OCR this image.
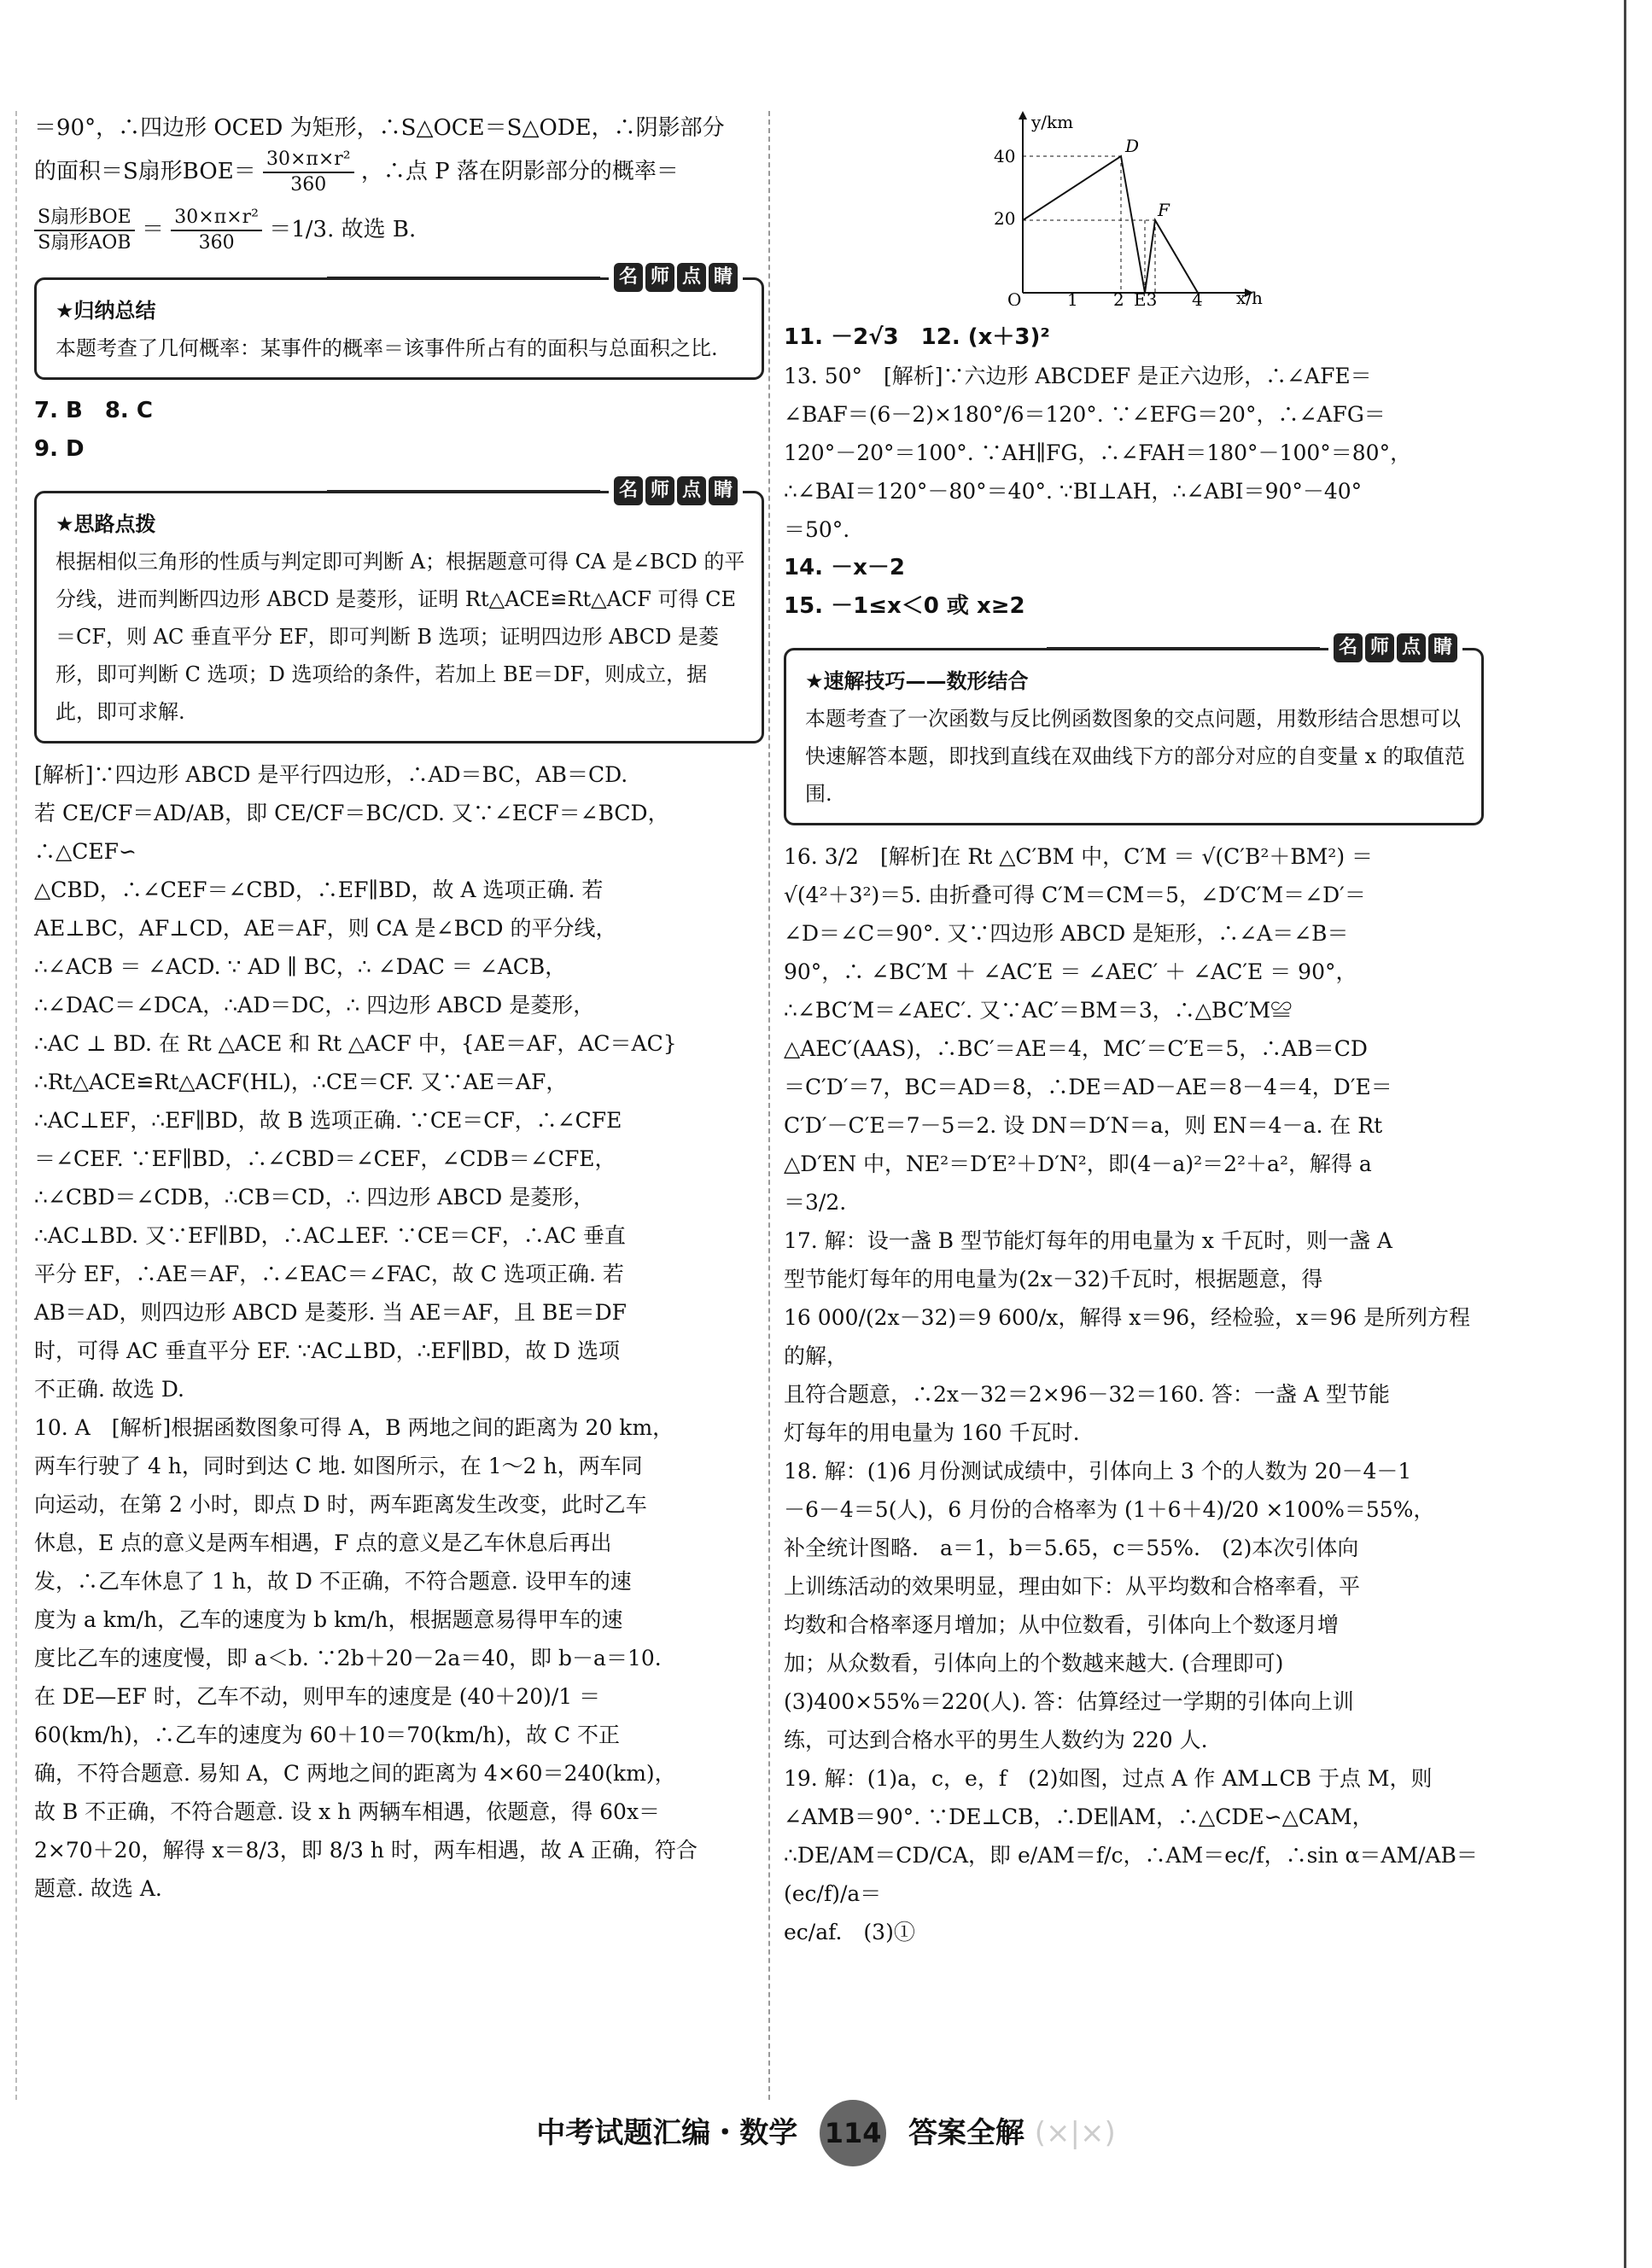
＝90°，∴四边形 OCED 为矩形，∴S△OCE＝S△ODE，∴阴影部分

的面积＝S扇形$BOE= \frac{\text{30×π×r²}}{360}$ ，∴点 P 落在阴影部分的概率＝

$\frac{\text{S扇形BOE}}{\text{S扇形AOB}} = \frac{\text{30×π×r²}}{360} =1/3$. 故选 B.

名 师 点 睛
★归纳总结
本题考查了几何概率：某事件的概率＝该事件所占有的面积与总面积之比.

7. B　8. C

9. D

名 师 点 睛
★思路点拨
根据相似三角形的性质与判定即可判断 A；根据题意可得 CA 是∠BCD 的平分线，进而判断四边形 ABCD 是菱形，证明 Rt△ACE≌Rt△ACF 可得 CE＝CF，则 AC 垂直平分 EF，即可判断 B 选项；证明四边形 ABCD 是菱形，即可判断 C 选项；D 选项给的条件，若加上 BE＝DF，则成立，据此，即可求解.

[解析]∵四边形 ABCD 是平行四边形，∴AD＝BC，AB＝CD.

若 CE/CF＝AD/AB，即 CE/CF＝BC/CD. 又∵∠ECF＝∠BCD，∴△CEF∽

△CBD，∴∠CEF＝∠CBD，∴EF∥BD，故 A 选项正确. 若

AE⊥BC，AF⊥CD，AE＝AF，则 CA 是∠BCD 的平分线，

∴∠ACB ＝ ∠ACD. ∵ AD ∥ BC，∴ ∠DAC ＝ ∠ACB，

∴∠DAC＝∠DCA，∴AD＝DC，∴ 四边形 ABCD 是菱形，

∴AC ⊥ BD. 在 Rt △ACE 和 Rt △ACF 中，{AE＝AF，AC＝AC}

∴Rt△ACE≌Rt△ACF(HL)，∴CE＝CF. 又∵AE＝AF，

∴AC⊥EF，∴EF∥BD，故 B 选项正确. ∵CE＝CF，∴∠CFE

＝∠CEF. ∵EF∥BD，∴∠CBD＝∠CEF，∠CDB＝∠CFE，

∴∠CBD＝∠CDB，∴CB＝CD，∴ 四边形 ABCD 是菱形，

∴AC⊥BD. 又∵EF∥BD，∴AC⊥EF. ∵CE＝CF，∴AC 垂直

平分 EF，∴AE＝AF，∴∠EAC＝∠FAC，故 C 选项正确. 若

AB＝AD，则四边形 ABCD 是菱形. 当 AE＝AF，且 BE＝DF

时，可得 AC 垂直平分 EF. ∵AC⊥BD，∴EF∥BD，故 D 选项

不正确. 故选 D.

10. A　[解析]根据函数图象可得 A，B 两地之间的距离为 20 km，

两车行驶了 4 h，同时到达 C 地. 如图所示，在 1～2 h，两车同

向运动，在第 2 小时，即点 D 时，两车距离发生改变，此时乙车

休息，E 点的意义是两车相遇，F 点的意义是乙车休息后再出

发，∴乙车休息了 1 h，故 D 不正确，不符合题意. 设甲车的速

度为 a km/h，乙车的速度为 b km/h，根据题意易得甲车的速

度比乙车的速度慢，即 a＜b. ∵2b＋20－2a＝40，即 b－a＝10.

在 DE—EF 时，乙车不动，则甲车的速度是 (40＋20)/1 ＝

60(km/h)，∴乙车的速度为 60＋10＝70(km/h)，故 C 不正

确，不符合题意. 易知 A，C 两地之间的距离为 4×60＝240(km)，

故 B 不正确，不符合题意. 设 x h 两辆车相遇，依题意，得 60x＝

2×70＋20，解得 x＝8/3，即 8/3 h 时，两车相遇，故 A 正确，符合

题意. 故选 A.

y/km
x/h
40
20
O	1 2 E3 4
D
F

11. －2√3　12. (x＋3)²

13. 50°　[解析]∵六边形 ABCDEF 是正六边形，∴∠AFE＝

∠BAF＝(6－2)×180°/6＝120°. ∵∠EFG＝20°，∴∠AFG＝

120°－20°＝100°. ∵AH∥FG，∴∠FAH＝180°－100°＝80°，

∴∠BAI＝120°－80°＝40°. ∵BI⊥AH，∴∠ABI＝90°－40°

＝50°.

14. －x－2

15. －1≤x＜0 或 x≥2

名 师 点 睛
★速解技巧——数形结合
本题考查了一次函数与反比例函数图象的交点问题，用数形结合思想可以快速解答本题，即找到直线在双曲线下方的部分对应的自变量 x 的取值范围.

16. 3/2　[解析]在 Rt △C′BM 中，C′M ＝ √(C′B²＋BM²) ＝

√(4²＋3²)＝5. 由折叠可得 C′M＝CM＝5，∠D′C′M＝∠D′＝

∠D＝∠C＝90°. 又∵四边形 ABCD 是矩形，∴∠A＝∠B＝

90°，∴ ∠BC′M ＋ ∠AC′E ＝ ∠AEC′ ＋ ∠AC′E ＝ 90°，

∴∠BC′M＝∠AEC′. 又∵AC′＝BM＝3，∴△BC′M≌

△AEC′(AAS)，∴BC′＝AE＝4，MC′＝C′E＝5，∴AB＝CD

＝C′D′＝7，BC＝AD＝8，∴DE＝AD－AE＝8－4＝4，D′E＝

C′D′－C′E＝7－5＝2. 设 DN＝D′N＝a，则 EN＝4－a. 在 Rt

△D′EN 中，NE²＝D′E²＋D′N²，即(4－a)²＝2²＋a²，解得 a

＝3/2.

17. 解：设一盏 B 型节能灯每年的用电量为 x 千瓦时，则一盏 A

型节能灯每年的用电量为(2x－32)千瓦时，根据题意，得

16 000/(2x－32)＝9 600/x，解得 x＝96，经检验，x＝96 是所列方程的解，

且符合题意，∴2x－32＝2×96－32＝160. 答：一盏 A 型节能

灯每年的用电量为 160 千瓦时.

18. 解：(1)6 月份测试成绩中，引体向上 3 个的人数为 20－4－1

－6－4＝5(人)，6 月份的合格率为 (1＋6＋4)/20 ×100%＝55%，

补全统计图略.　a＝1，b＝5.65，c＝55%.　(2)本次引体向

上训练活动的效果明显，理由如下：从平均数和合格率看，平

均数和合格率逐月增加；从中位数看，引体向上个数逐月增

加；从众数看，引体向上的个数越来越大. (合理即可)

(3)400×55%＝220(人). 答：估算经过一学期的引体向上训

练，可达到合格水平的男生人数约为 220 人.

19. 解：(1)a，c，e，f　(2)如图，过点 A 作 AM⊥CB 于点 M，则

∠AMB＝90°. ∵DE⊥CB，∴DE∥AM，∴△CDE∽△CAM，

∴DE/AM＝CD/CA，即 e/AM＝f/c，∴AM＝ec/f，∴sin α＝AM/AB＝(ec/f)/a＝

ec/af.　(3)①

中考试题汇编・数学 114 答案全解 (×|×)
